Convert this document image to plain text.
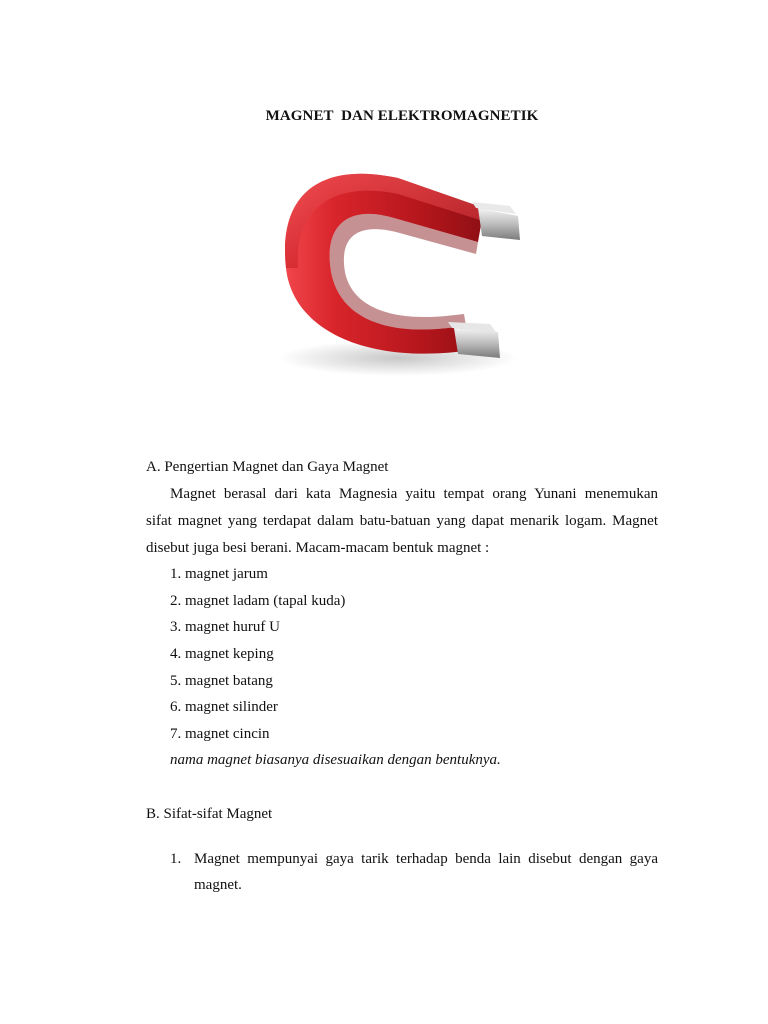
MAGNET  DAN ELEKTROMAGNETIK
A. Pengertian Magnet dan Gaya Magnet
Magnet berasal dari kata Magnesia yaitu tempat orang Yunani menemukan
sifat magnet yang terdapat dalam batu-batuan yang dapat menarik logam. Magnet
disebut juga besi berani. Macam-macam bentuk magnet :
1. magnet jarum
2. magnet ladam (tapal kuda)
3. magnet huruf U
4. magnet keping
5. magnet batang
6. magnet silinder
7. magnet cincin
nama magnet biasanya disesuaikan dengan bentuknya.
B. Sifat-sifat Magnet
1. Magnet mempunyai gaya tarik terhadap benda lain disebut dengan gaya
magnet.
